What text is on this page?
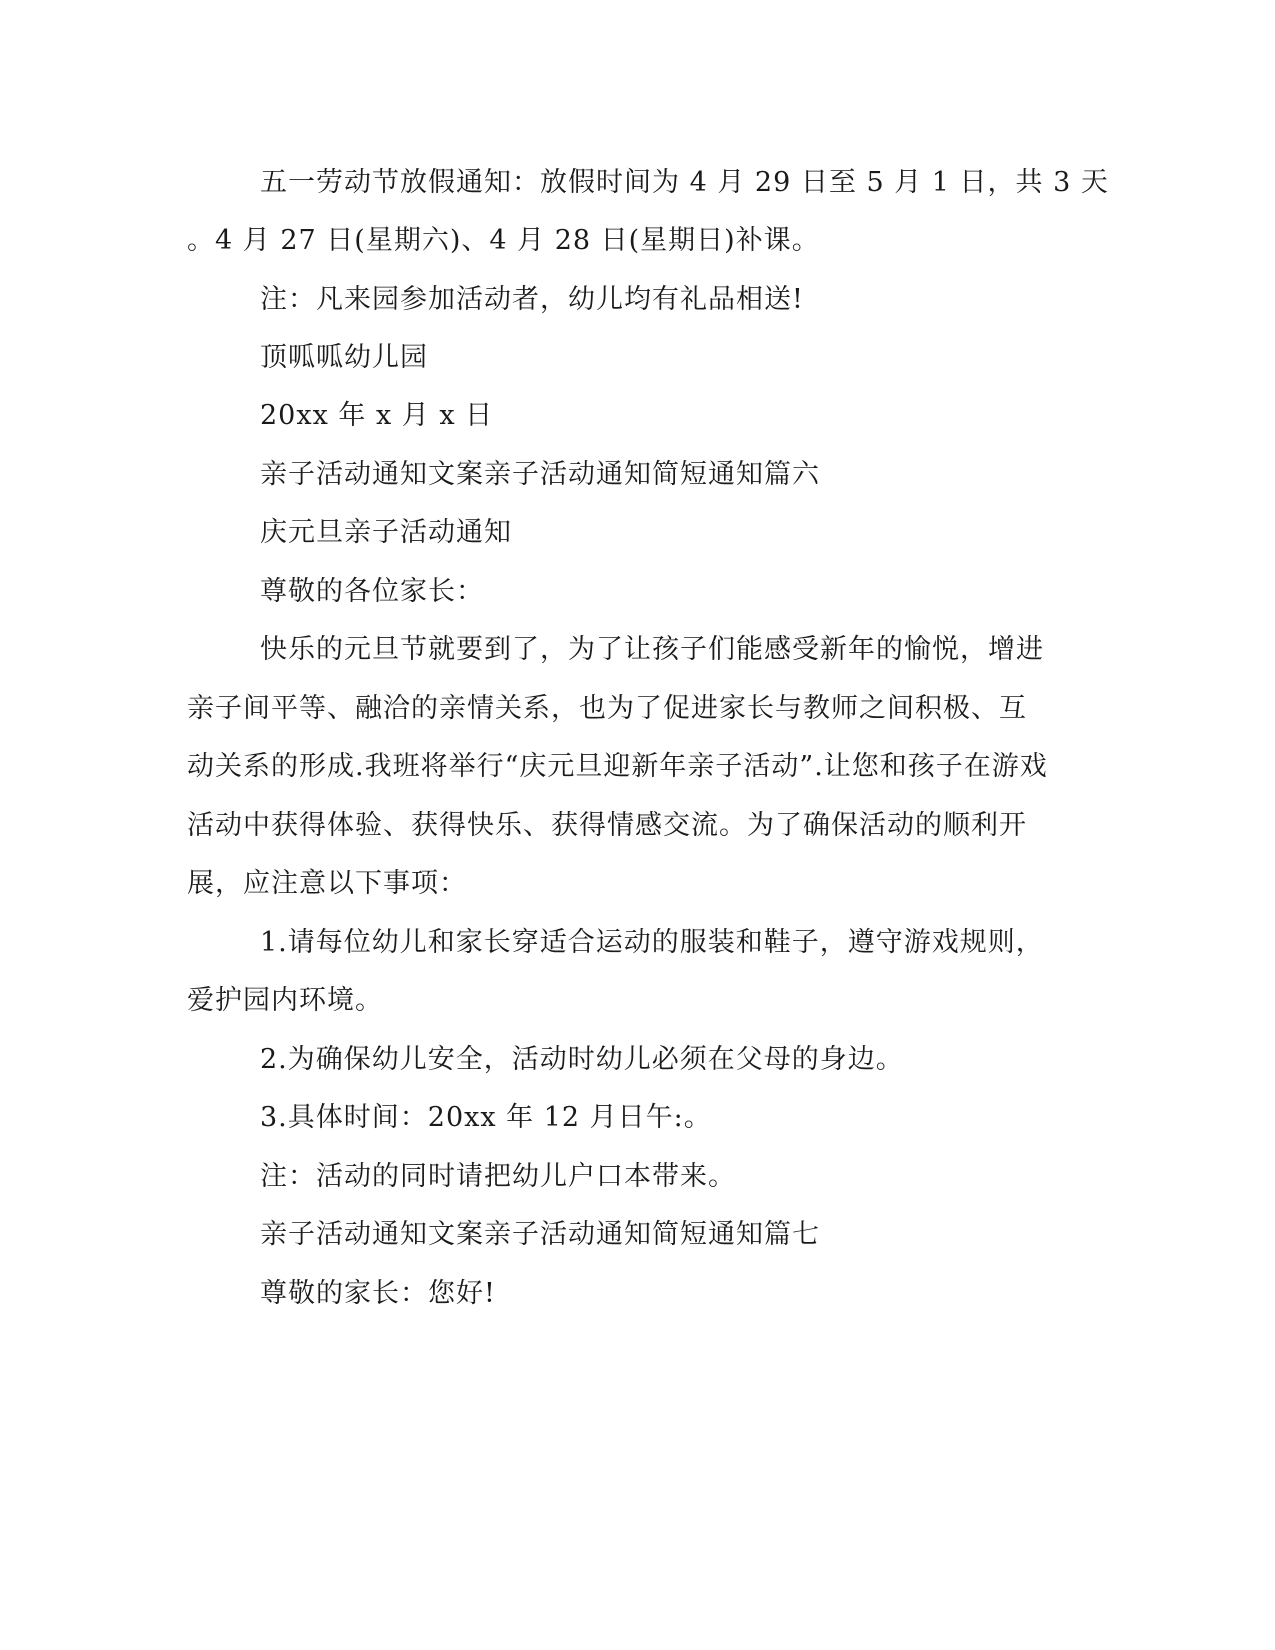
五一劳动节放假通知：放假时间为 4 月 29 日至 5 月 1 日，共 3 天
。4 月 27 日(星期六)、4 月 28 日(星期日)补课。
注：凡来园参加活动者，幼儿均有礼品相送!
顶呱呱幼儿园
20xx 年 x 月 x 日
亲子活动通知文案亲子活动通知简短通知篇六
庆元旦亲子活动通知
尊敬的各位家长：
快乐的元旦节就要到了，为了让孩子们能感受新年的愉悦，增进
亲子间平等、融洽的亲情关系，也为了促进家长与教师之间积极、互
动关系的形成.我班将举行“庆元旦迎新年亲子活动”.让您和孩子在游戏
活动中获得体验、获得快乐、获得情感交流。为了确保活动的顺利开
展，应注意以下事项：
1.请每位幼儿和家长穿适合运动的服装和鞋子，遵守游戏规则，
爱护园内环境。
2.为确保幼儿安全，活动时幼儿必须在父母的身边。
3.具体时间：20xx 年 12 月日午:。
注：活动的同时请把幼儿户口本带来。
亲子活动通知文案亲子活动通知简短通知篇七
尊敬的家长：您好!
